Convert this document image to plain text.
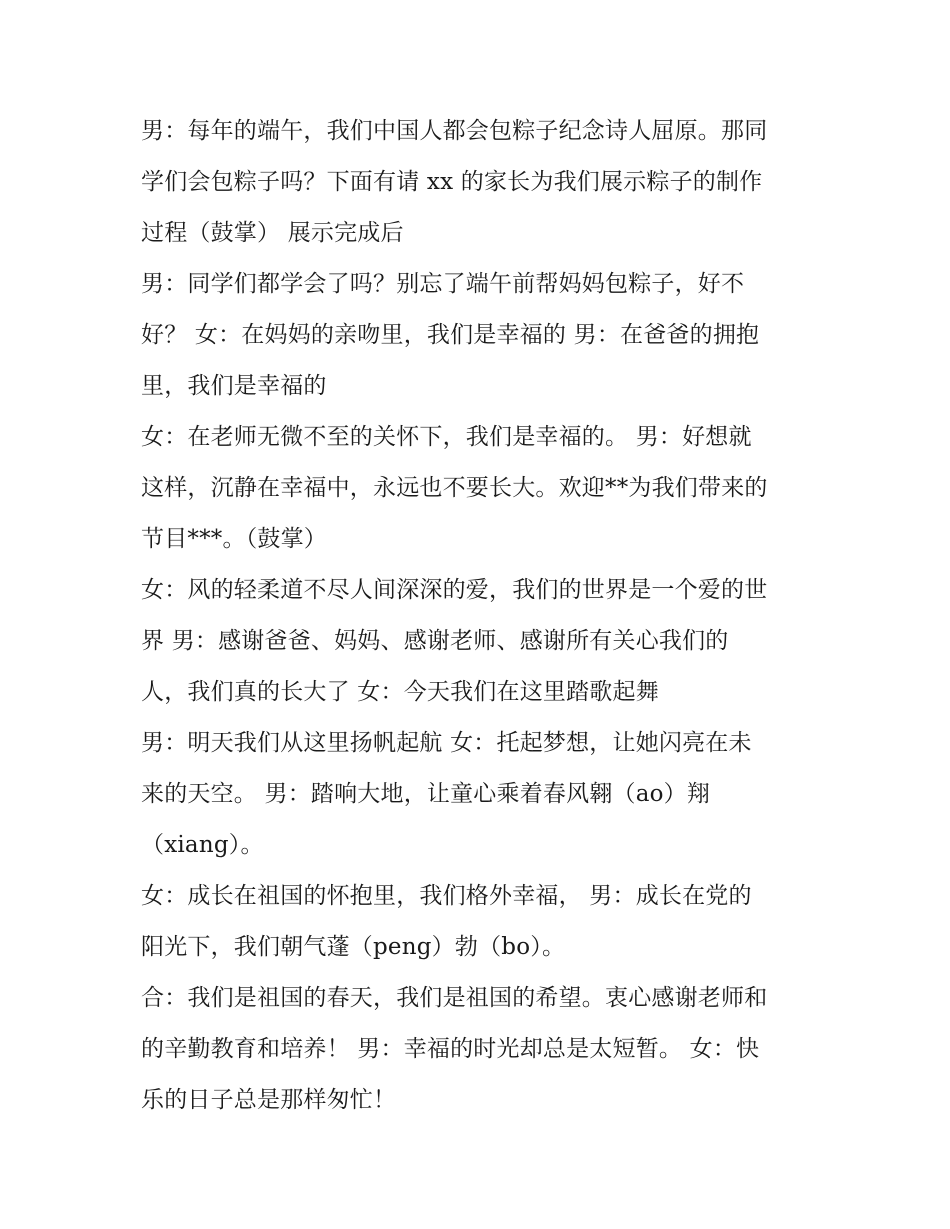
男：每年的端午，我们中国人都会包粽子纪念诗人屈原。那同
学们会包粽子吗？下面有请 xx 的家长为我们展示粽子的制作
过程（鼓掌） 展示完成后
男：同学们都学会了吗？别忘了端午前帮妈妈包粽子，好不
好？ 女：在妈妈的亲吻里，我们是幸福的 男：在爸爸的拥抱
里，我们是幸福的
女：在老师无微不至的关怀下，我们是幸福的。 男：好想就
这样，沉静在幸福中，永远也不要长大。欢迎**为我们带来的
节目***。（鼓掌）
女：风的轻柔道不尽人间深深的爱，我们的世界是一个爱的世
界 男：感谢爸爸、妈妈、感谢老师、感谢所有关心我们的
人，我们真的长大了 女：今天我们在这里踏歌起舞
男：明天我们从这里扬帆起航 女：托起梦想，让她闪亮在未
来的天空。 男：踏响大地，让童心乘着春风翱（ao）翔
（xiang）。
女：成长在祖国的怀抱里，我们格外幸福， 男：成长在党的
阳光下，我们朝气蓬（peng）勃（bo）。
合：我们是祖国的春天，我们是祖国的希望。衷心感谢老师和
的辛勤教育和培养！ 男：幸福的时光却总是太短暂。 女：快
乐的日子总是那样匆忙！
